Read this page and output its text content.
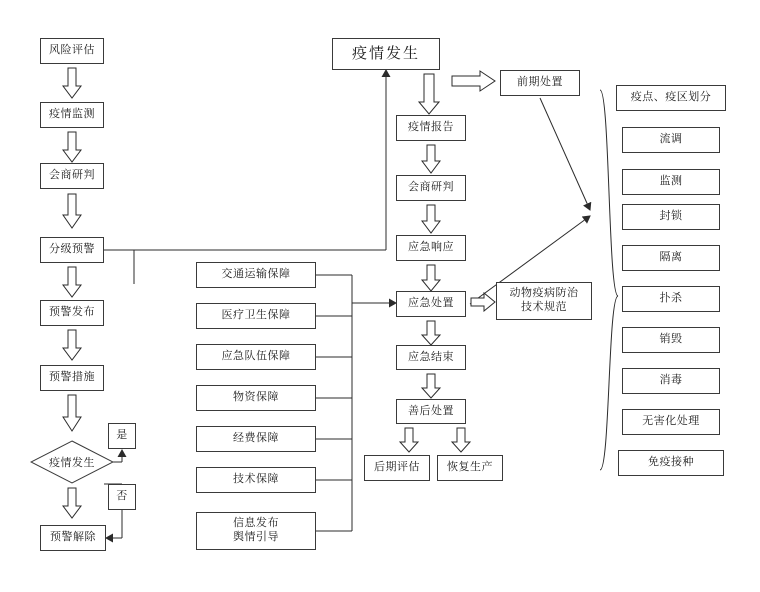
疫情发生
前期处置
风险评估
疫情监测
会商研判
分级预警
预警发布
预警措施
疫情发生
预警解除
是
否
疫情报告
会商研判
应急响应
应急处置
应急结束
善后处置
后期评估 恢复生产
交通运输保障
医疗卫生保障
应急队伍保障
物资保障
经费保障
技术保障
信息发布
舆情引导
动物疫病防治
技术规范
疫点、疫区划分
流调
监测
封锁
隔离
扑杀
销毁
消毒
无害化处理
免疫接种
